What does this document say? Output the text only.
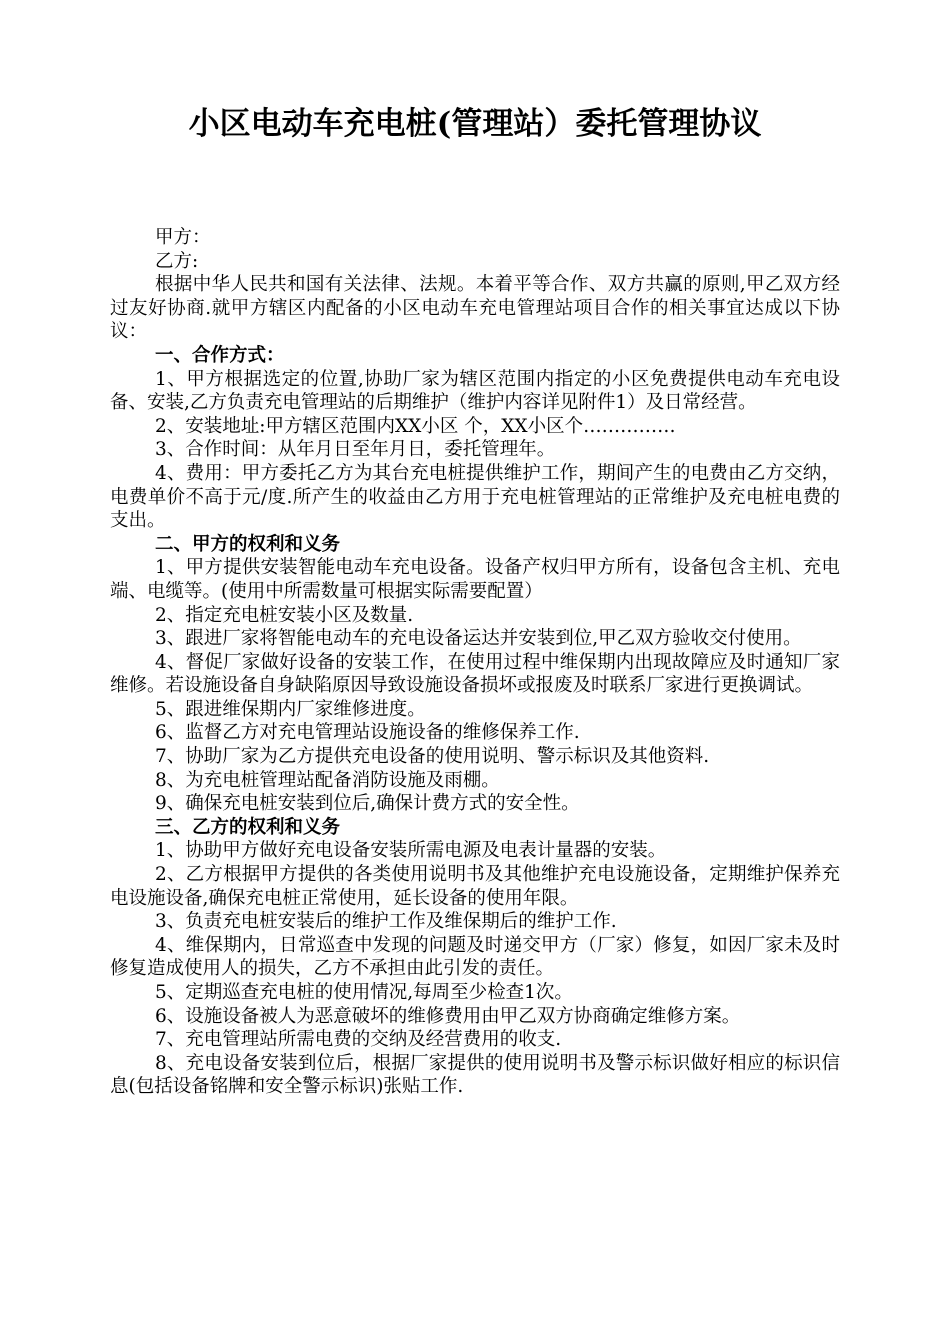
小区电动车充电桩(管理站）委托管理协议

甲方：

乙方:

根据中华人民共和国有关法律、法规。本着平等合作、双方共赢的原则,甲乙双方经过友好协商.就甲方辖区内配备的小区电动车充电管理站项目合作的相关事宜达成以下协议：

一、合作方式：

1、甲方根据选定的位置,协助厂家为辖区范围内指定的小区免费提供电动车充电设备、安装,乙方负责充电管理站的后期维护（维护内容详见附件1）及日常经营。

2、安装地址:甲方辖区范围内XX小区 个，XX小区个……………

3、合作时间：从年月日至年月日，委托管理年。

4、费用：甲方委托乙方为其台充电桩提供维护工作，期间产生的电费由乙方交纳，电费单价不高于元/度.所产生的收益由乙方用于充电桩管理站的正常维护及充电桩电费的支出。

二、甲方的权利和义务

1、甲方提供安装智能电动车充电设备。设备产权归甲方所有，设备包含主机、充电端、电缆等。(使用中所需数量可根据实际需要配置）

2、指定充电桩安装小区及数量.

3、跟进厂家将智能电动车的充电设备运达并安装到位,甲乙双方验收交付使用。

4、督促厂家做好设备的安装工作，在使用过程中维保期内出现故障应及时通知厂家维修。若设施设备自身缺陷原因导致设施设备损坏或报废及时联系厂家进行更换调试。

5、跟进维保期内厂家维修进度。

6、监督乙方对充电管理站设施设备的维修保养工作.

7、协助厂家为乙方提供充电设备的使用说明、警示标识及其他资料.

8、为充电桩管理站配备消防设施及雨棚。

9、确保充电桩安装到位后,确保计费方式的安全性。

三、乙方的权利和义务

1、协助甲方做好充电设备安装所需电源及电表计量器的安装。

2、乙方根据甲方提供的各类使用说明书及其他维护充电设施设备，定期维护保养充电设施设备,确保充电桩正常使用，延长设备的使用年限。

3、负责充电桩安装后的维护工作及维保期后的维护工作.

4、维保期内，日常巡查中发现的问题及时递交甲方（厂家）修复，如因厂家未及时修复造成使用人的损失，乙方不承担由此引发的责任。

5、定期巡查充电桩的使用情况,每周至少检查1次。

6、设施设备被人为恶意破坏的维修费用由甲乙双方协商确定维修方案。

7、充电管理站所需电费的交纳及经营费用的收支.

8、充电设备安装到位后，根据厂家提供的使用说明书及警示标识做好相应的标识信息(包括设备铭牌和安全警示标识)张贴工作.
